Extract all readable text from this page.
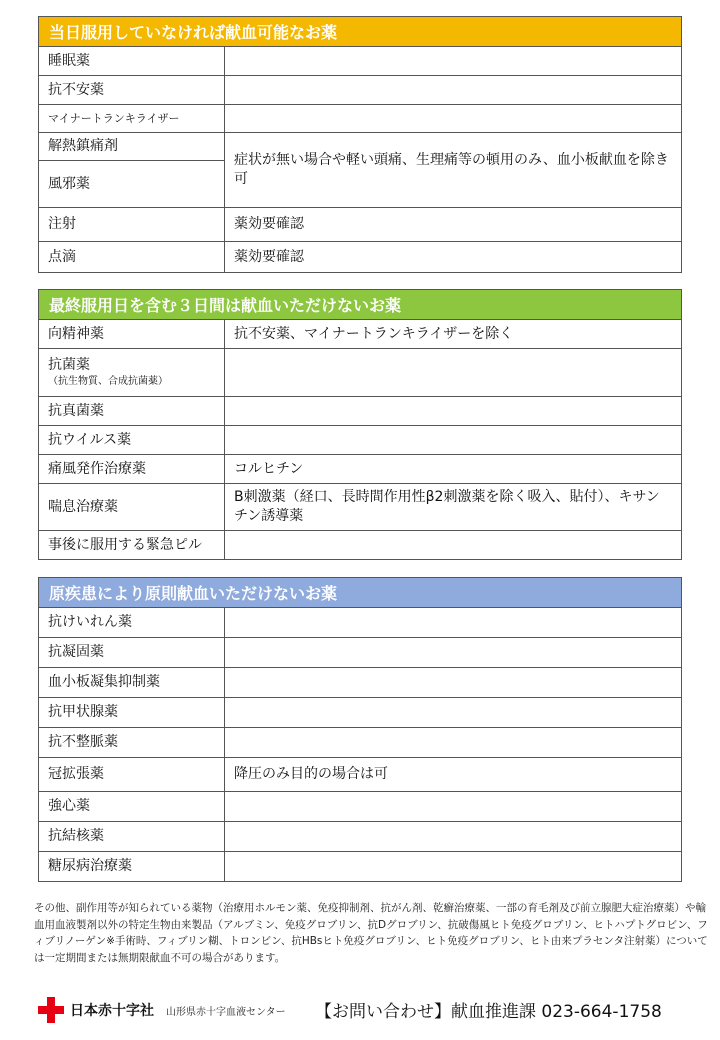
当日服用していなければ献血可能なお薬	
睡眠薬	
抗不安薬	
マイナートランキライザー	
解熱鎮痛剤	症状が無い場合や軽い頭痛、生理痛等の頓用のみ、血小板献血を除き可
風邪薬	
注射	薬効要確認
点滴	薬効要確認
最終服用日を含む３日間は献血いただけないお薬	
向精神薬	抗不安薬、マイナートランキライザーを除く
抗菌薬
（抗生物質、合成抗菌薬）	

抗真菌薬	
抗ウイルス薬	
痛風発作治療薬	コルヒチン
喘息治療薬	Β刺激薬（経口、長時間作用性β2刺激薬を除く吸入、貼付）、キサンチン誘導薬
事後に服用する緊急ピル	
原疾患により原則献血いただけないお薬	
抗けいれん薬	
抗凝固薬	
血小板凝集抑制薬	
抗甲状腺薬	
抗不整脈薬	
冠拡張薬	降圧のみ目的の場合は可
強心薬	
抗結核薬	
糖尿病治療薬	

その他、副作用等が知られている薬物（治療用ホルモン薬、免疫抑制剤、抗がん剤、乾癬治療薬、一部の育毛剤及び前立腺肥大症治療薬）や輸血用血液製剤以外の特定生物由来製品（アルブミン、免疫グロブリン、抗Dグロブリン、抗破傷風ヒト免疫グロブリン、ヒトハプトグロビン、フィブリノーゲン※手術時、フィブリン糊、トロンビン、抗HBsヒト免疫グロブリン、ヒト免疫グロブリン、ヒト由来プラセンタ注射薬）については一定期間または無期限献血不可の場合があります。

日本赤十字社 山形県赤十字血液センター 【お問い合わせ】献血推進課 023-664-1758
